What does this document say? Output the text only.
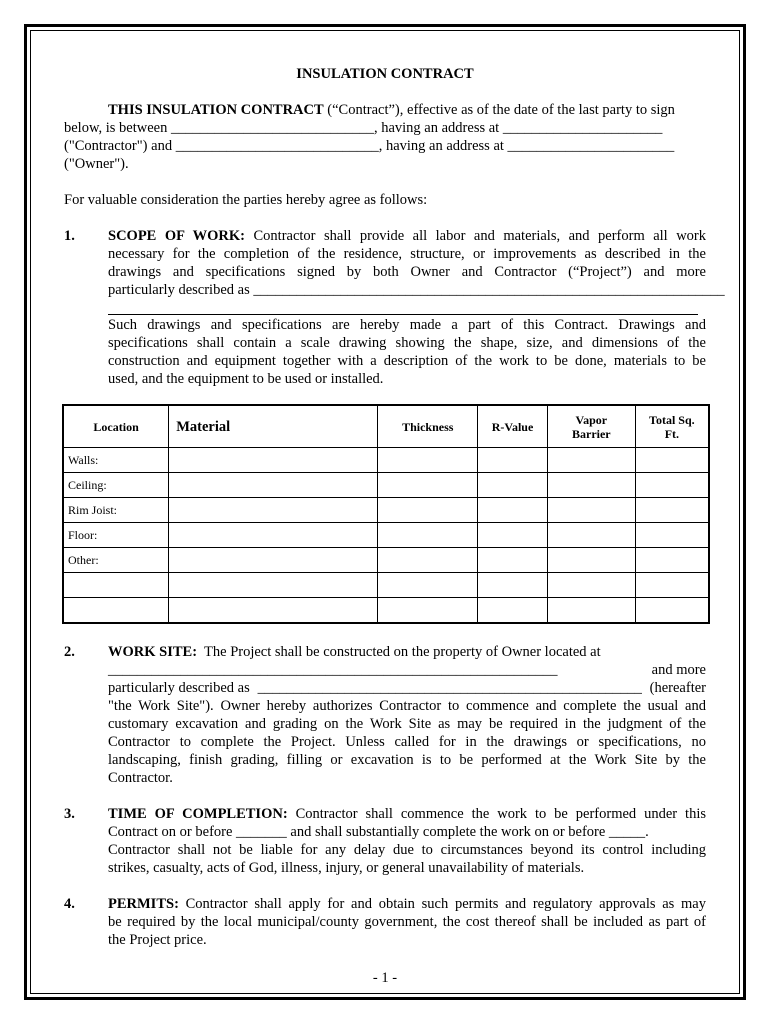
INSULATION CONTRACT

THIS INSULATION CONTRACT (“Contract”), effective as of the date of the last party to sign

below, is between ____________________________, having an address at ______________________

("Contractor") and ____________________________, having an address at _______________________

("Owner").

For valuable consideration the parties hereby agree as follows:

1. SCOPE OF WORK: Contractor shall provide all labor and materials, and perform all work

necessary for the completion of the residence, structure, or improvements as described in the

drawings and specifications signed by both Owner and Contractor (“Project”) and more

particularly described as _________________________________________________________________

Such drawings and specifications are hereby made a part of this Contract. Drawings and

specifications shall contain a scale drawing showing the shape, size, and dimensions of the

construction and equipment together with a description of the work to be done, materials to be

used, and the equipment to be used or installed.

Location	Material	Thickness	R-Value	Vapor
Barrier	Total Sq.
Ft.
Walls:					
Ceiling:					
Rim Joist:					
Floor:					
Other:					

2. WORK SITE:  The Project shall be constructed on the property of Owner located at

______________________________________________________________	and more
particularly described as _____________________________________________________ (hereafter

"the Work Site"). Owner hereby authorizes Contractor to commence and complete the usual and

customary excavation and grading on the Work Site as may be required in the judgment of the

Contractor to complete the Project. Unless called for in the drawings or specifications, no

landscaping, finish grading, filling or excavation is to be performed at the Work Site by the

Contractor.

3. TIME OF COMPLETION: Contractor shall commence the work to be performed under this

Contract on or before _______ and shall substantially complete the work on or before _____.

Contractor shall not be liable for any delay due to circumstances beyond its control including

strikes, casualty, acts of God, illness, injury, or general unavailability of materials.

4. PERMITS: Contractor shall apply for and obtain such permits and regulatory approvals as may

be required by the local municipal/county government, the cost thereof shall be included as part of

the Project price.

- 1 -
